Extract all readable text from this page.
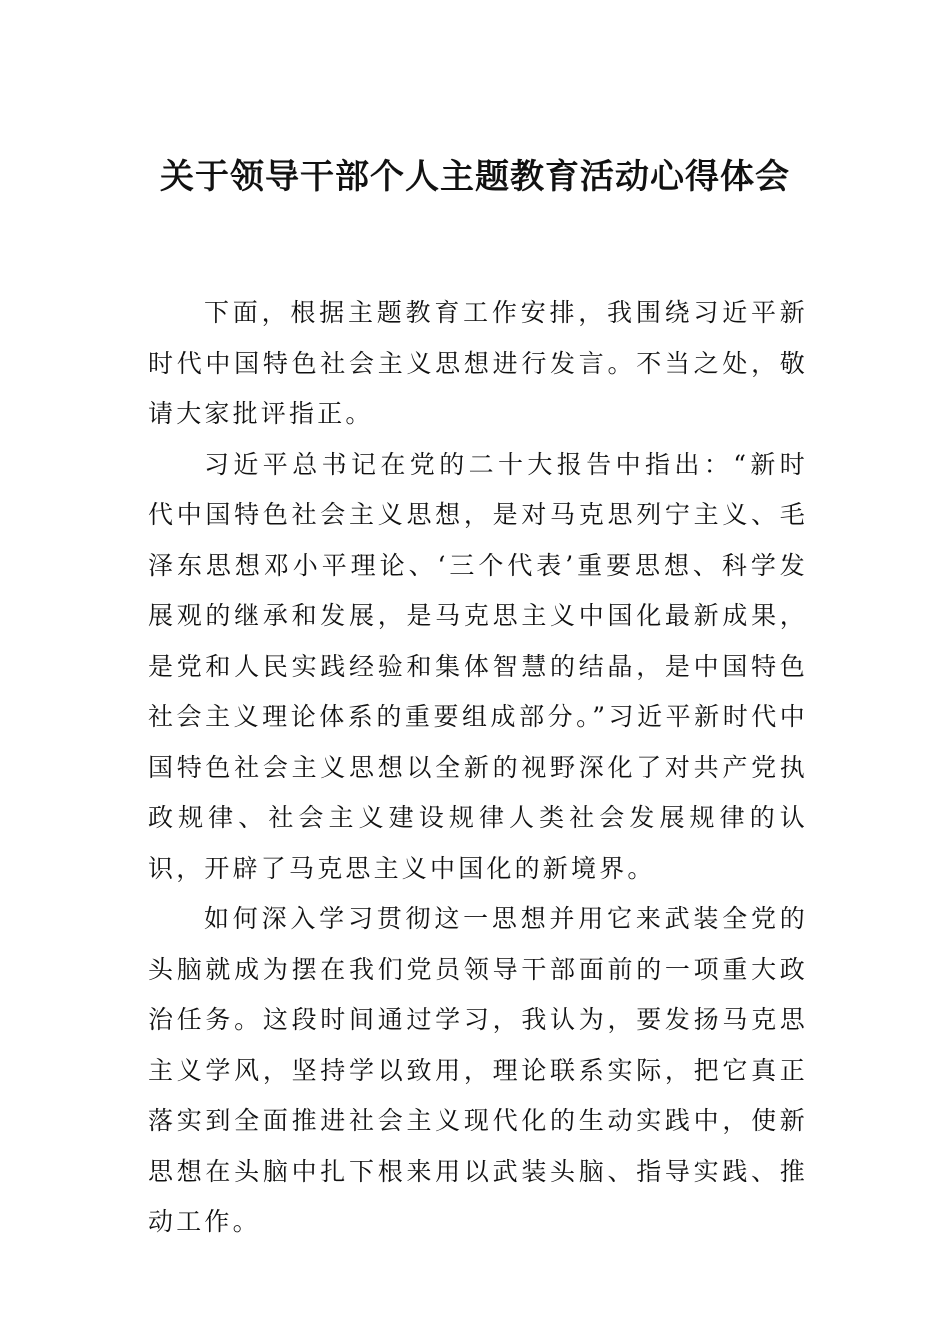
关于领导干部个人主题教育活动心得体会

下面，根据主题教育工作安排，我围绕习近平新时代中国特色社会主义思想进行发言。不当之处，敬请大家批评指正。

习近平总书记在党的二十大报告中指出：“新时代中国特色社会主义思想，是对马克思列宁主义、毛泽东思想邓小平理论、‘三个代表’重要思想、科学发展观的继承和发展，是马克思主义中国化最新成果，是党和人民实践经验和集体智慧的结晶，是中国特色社会主义理论体系的重要组成部分。”习近平新时代中国特色社会主义思想以全新的视野深化了对共产党执政规律、社会主义建设规律人类社会发展规律的认识，开辟了马克思主义中国化的新境界。

如何深入学习贯彻这一思想并用它来武装全党的头脑就成为摆在我们党员领导干部面前的一项重大政治任务。这段时间通过学习，我认为，要发扬马克思主义学风，坚持学以致用，理论联系实际，把它真正落实到全面推进社会主义现代化的生动实践中，使新思想在头脑中扎下根来用以武装头脑、指导实践、推动工作。
